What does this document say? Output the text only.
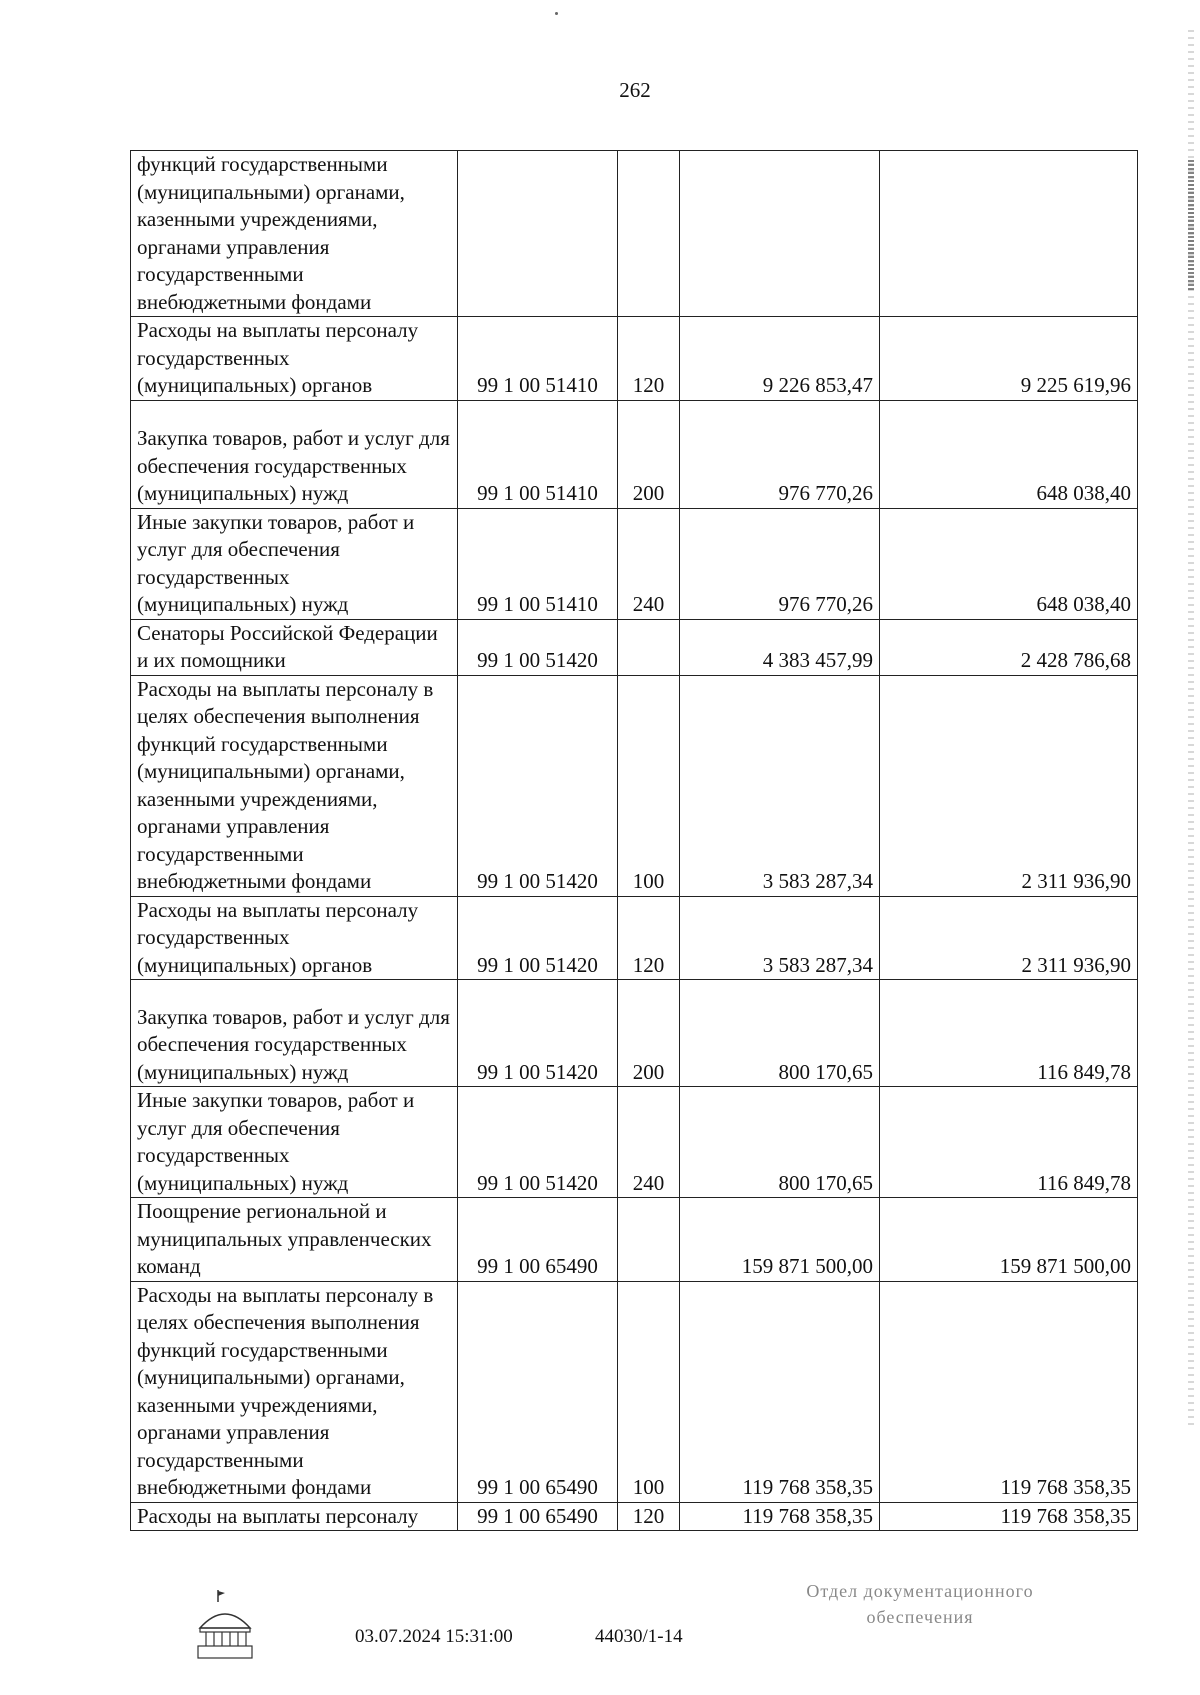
262
функций государственными (муниципальными) органами, казенными учреждениями, органами управления государственными внебюджетными фондами				
Расходы на выплаты персоналу государственных (муниципальных) органов	99 1 00 51410	120	9 226 853,47	9 225 619,96
Закупка товаров, работ и услуг для обеспечения государственных (муниципальных) нужд	99 1 00 51410	200	976 770,26	648 038,40
Иные закупки товаров, работ и услуг для обеспечения государственных (муниципальных) нужд	99 1 00 51410	240	976 770,26	648 038,40
Сенаторы Российской Федерации и их помощники	99 1 00 51420		4 383 457,99	2 428 786,68
Расходы на выплаты персоналу в целях обеспечения выполнения функций государственными (муниципальными) органами, казенными учреждениями, органами управления государственными внебюджетными фондами	99 1 00 51420	100	3 583 287,34	2 311 936,90
Расходы на выплаты персоналу государственных (муниципальных) органов	99 1 00 51420	120	3 583 287,34	2 311 936,90
Закупка товаров, работ и услуг для обеспечения государственных (муниципальных) нужд	99 1 00 51420	200	800 170,65	116 849,78
Иные закупки товаров, работ и услуг для обеспечения государственных (муниципальных) нужд	99 1 00 51420	240	800 170,65	116 849,78
Поощрение региональной и муниципальных управленческих команд	99 1 00 65490		159 871 500,00	159 871 500,00
Расходы на выплаты персоналу в целях обеспечения выполнения функций государственными (муниципальными) органами, казенными учреждениями, органами управления государственными внебюджетными фондами	99 1 00 65490	100	119 768 358,35	119 768 358,35
Расходы на выплаты персоналу	99 1 00 65490	120	119 768 358,35	119 768 358,35
03.07.2024 15:31:00	44030/1-14
Отдел документационного
обеспечения
